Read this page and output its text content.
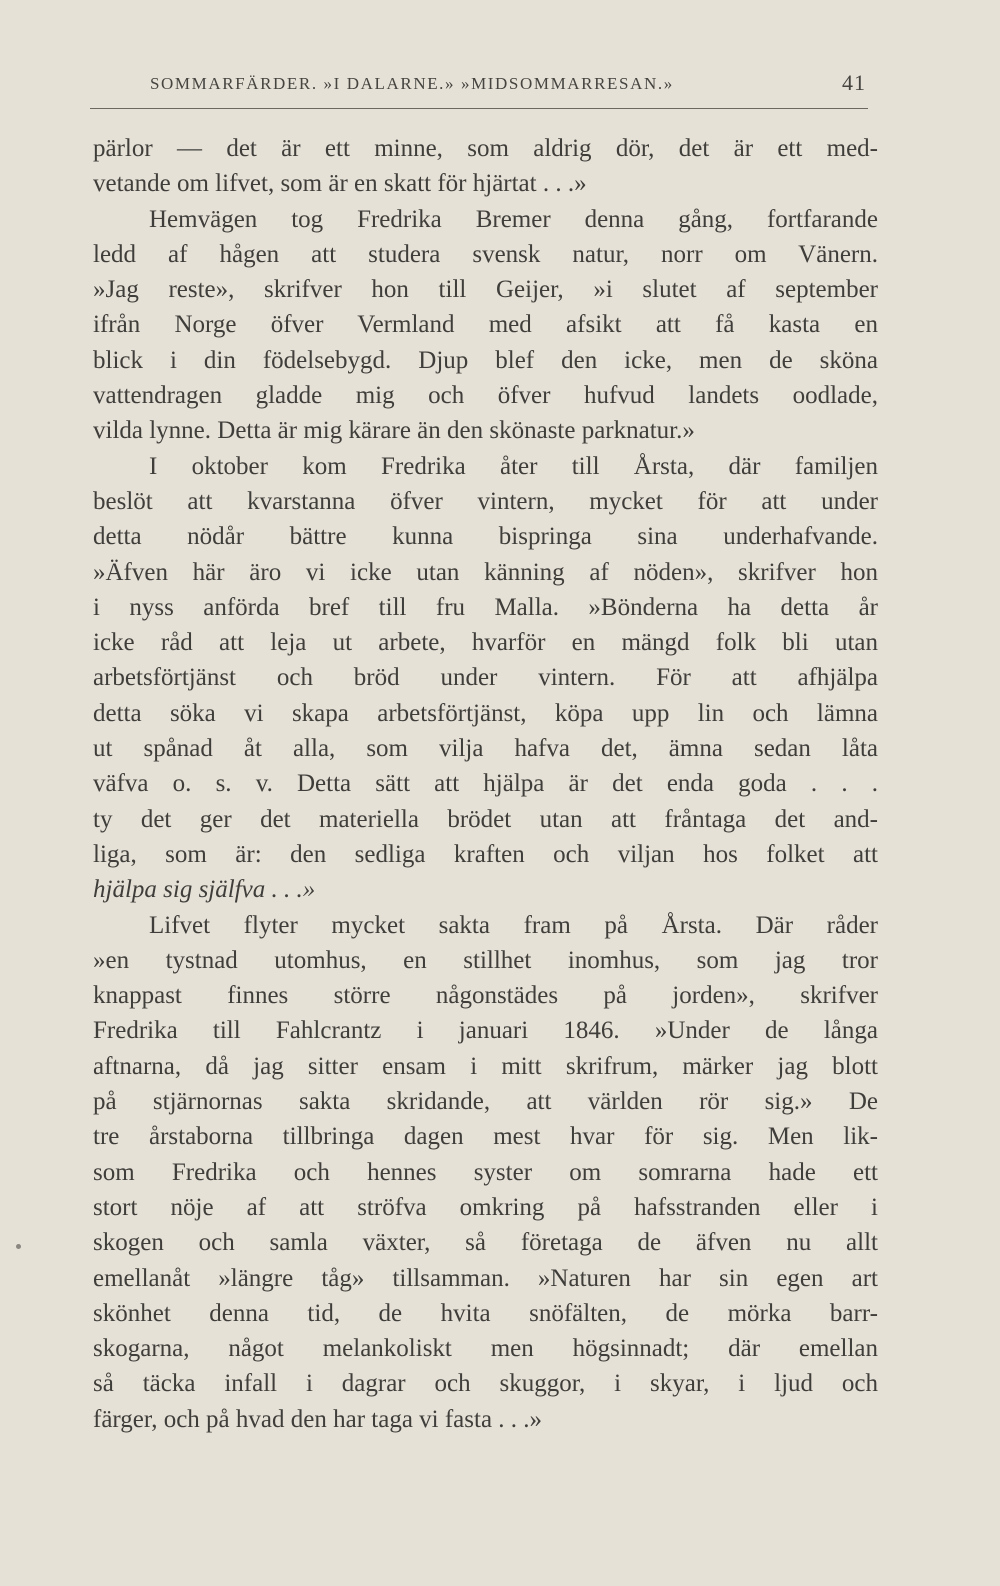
SOMMARFÄRDER. »I DALARNE.» »MIDSOMMARRESAN.»	41
pärlor — det är ett minne, som aldrig dör, det är ett med-
vetande om lifvet, som är en skatt för hjärtat . . .»
Hemvägen tog Fredrika Bremer denna gång, fortfarande
ledd af hågen att studera svensk natur, norr om Vänern.
»Jag reste», skrifver hon till Geijer, »i slutet af september
ifrån Norge öfver Vermland med afsikt att få kasta en
blick i din födelsebygd. Djup blef den icke, men de sköna
vattendragen gladde mig och öfver hufvud landets oodlade,
vilda lynne. Detta är mig kärare än den skönaste parknatur.»
I oktober kom Fredrika åter till Årsta, där familjen
beslöt att kvarstanna öfver vintern, mycket för att under
detta nödår bättre kunna bispringa sina underhafvande.
»Äfven här äro vi icke utan känning af nöden», skrifver hon
i nyss anförda bref till fru Malla. »Bönderna ha detta år
icke råd att leja ut arbete, hvarför en mängd folk bli utan
arbetsförtjänst och bröd under vintern. För att afhjälpa
detta söka vi skapa arbetsförtjänst, köpa upp lin och lämna
ut spånad åt alla, som vilja hafva det, ämna sedan låta
väfva o. s. v. Detta sätt att hjälpa är det enda goda . . .
ty det ger det materiella brödet utan att fråntaga det and-
liga, som är: den sedliga kraften och viljan hos folket att
hjälpa sig själfva . . .»
Lifvet flyter mycket sakta fram på Årsta. Där råder
»en tystnad utomhus, en stillhet inomhus, som jag tror
knappast finnes större någonstädes på jorden», skrifver
Fredrika till Fahlcrantz i januari 1846. »Under de långa
aftnarna, då jag sitter ensam i mitt skrifrum, märker jag blott
på stjärnornas sakta skridande, att världen rör sig.» De
tre årstaborna tillbringa dagen mest hvar för sig. Men lik-
som Fredrika och hennes syster om somrarna hade ett
stort nöje af att ströfva omkring på hafsstranden eller i
skogen och samla växter, så företaga de äfven nu allt
emellanåt »längre tåg» tillsamman. »Naturen har sin egen art
skönhet denna tid, de hvita snöfälten, de mörka barr-
skogarna, något melankoliskt men högsinnadt; där emellan
så täcka infall i dagrar och skuggor, i skyar, i ljud och
färger, och på hvad den har taga vi fasta . . .»
